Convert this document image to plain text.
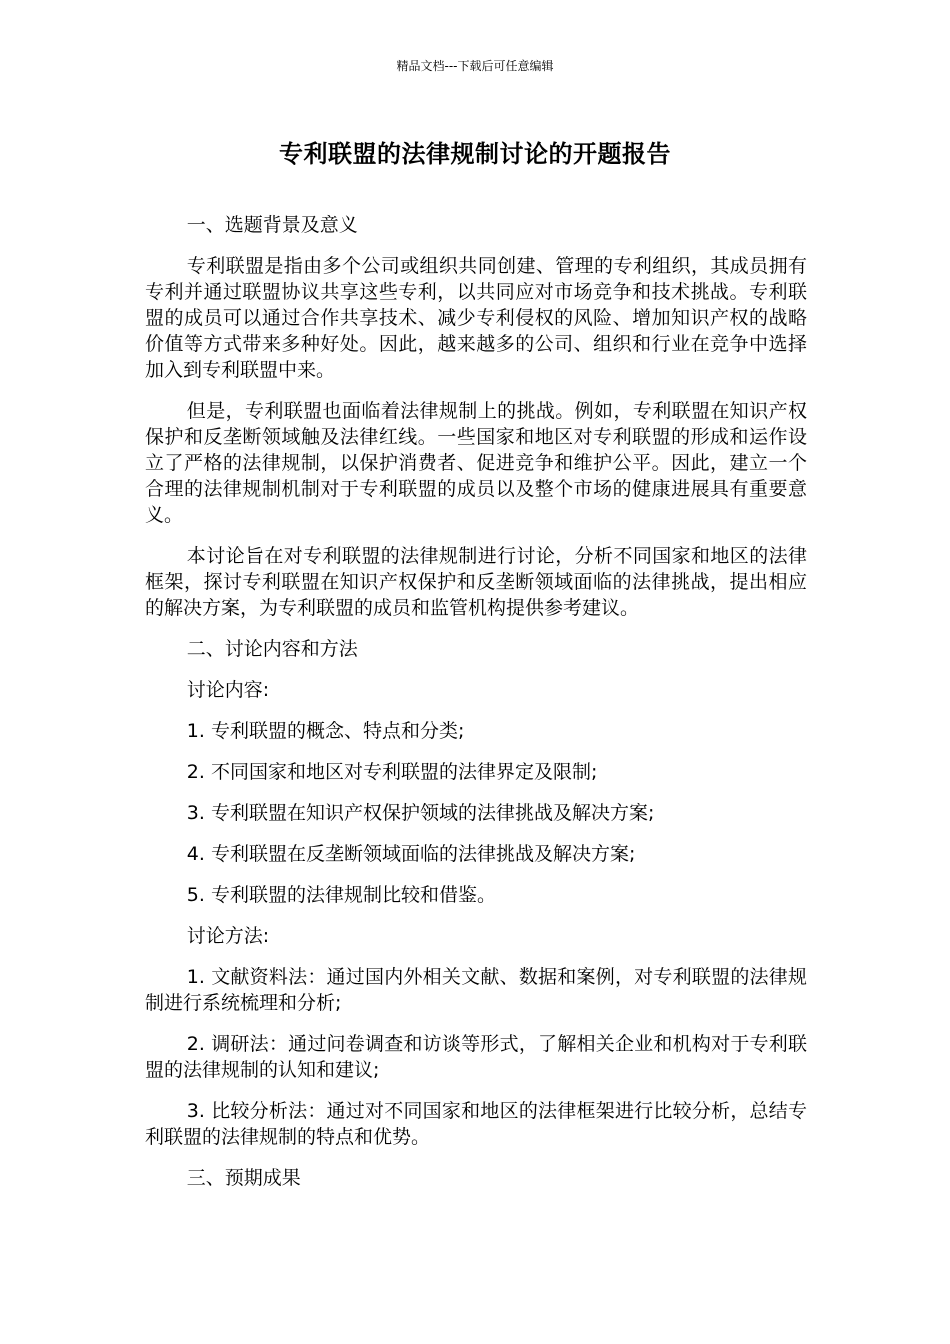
精品文档---下载后可任意编辑
专利联盟的法律规制讨论的开题报告
一、选题背景及意义
专利联盟是指由多个公司或组织共同创建、管理的专利组织，其成员拥有专利并通过联盟协议共享这些专利，以共同应对市场竞争和技术挑战。专利联盟的成员可以通过合作共享技术、减少专利侵权的风险、增加知识产权的战略价值等方式带来多种好处。因此，越来越多的公司、组织和行业在竞争中选择加入到专利联盟中来。
但是，专利联盟也面临着法律规制上的挑战。例如，专利联盟在知识产权保护和反垄断领域触及法律红线。一些国家和地区对专利联盟的形成和运作设立了严格的法律规制，以保护消费者、促进竞争和维护公平。因此，建立一个合理的法律规制机制对于专利联盟的成员以及整个市场的健康进展具有重要意义。
本讨论旨在对专利联盟的法律规制进行讨论，分析不同国家和地区的法律框架，探讨专利联盟在知识产权保护和反垄断领域面临的法律挑战，提出相应的解决方案，为专利联盟的成员和监管机构提供参考建议。
二、讨论内容和方法
讨论内容:
1. 专利联盟的概念、特点和分类;
2. 不同国家和地区对专利联盟的法律界定及限制;
3. 专利联盟在知识产权保护领域的法律挑战及解决方案;
4. 专利联盟在反垄断领域面临的法律挑战及解决方案;
5. 专利联盟的法律规制比较和借鉴。
讨论方法:
1. 文献资料法：通过国内外相关文献、数据和案例，对专利联盟的法律规制进行系统梳理和分析;
2. 调研法：通过问卷调查和访谈等形式，了解相关企业和机构对于专利联盟的法律规制的认知和建议;
3. 比较分析法：通过对不同国家和地区的法律框架进行比较分析，总结专利联盟的法律规制的特点和优势。
三、预期成果
